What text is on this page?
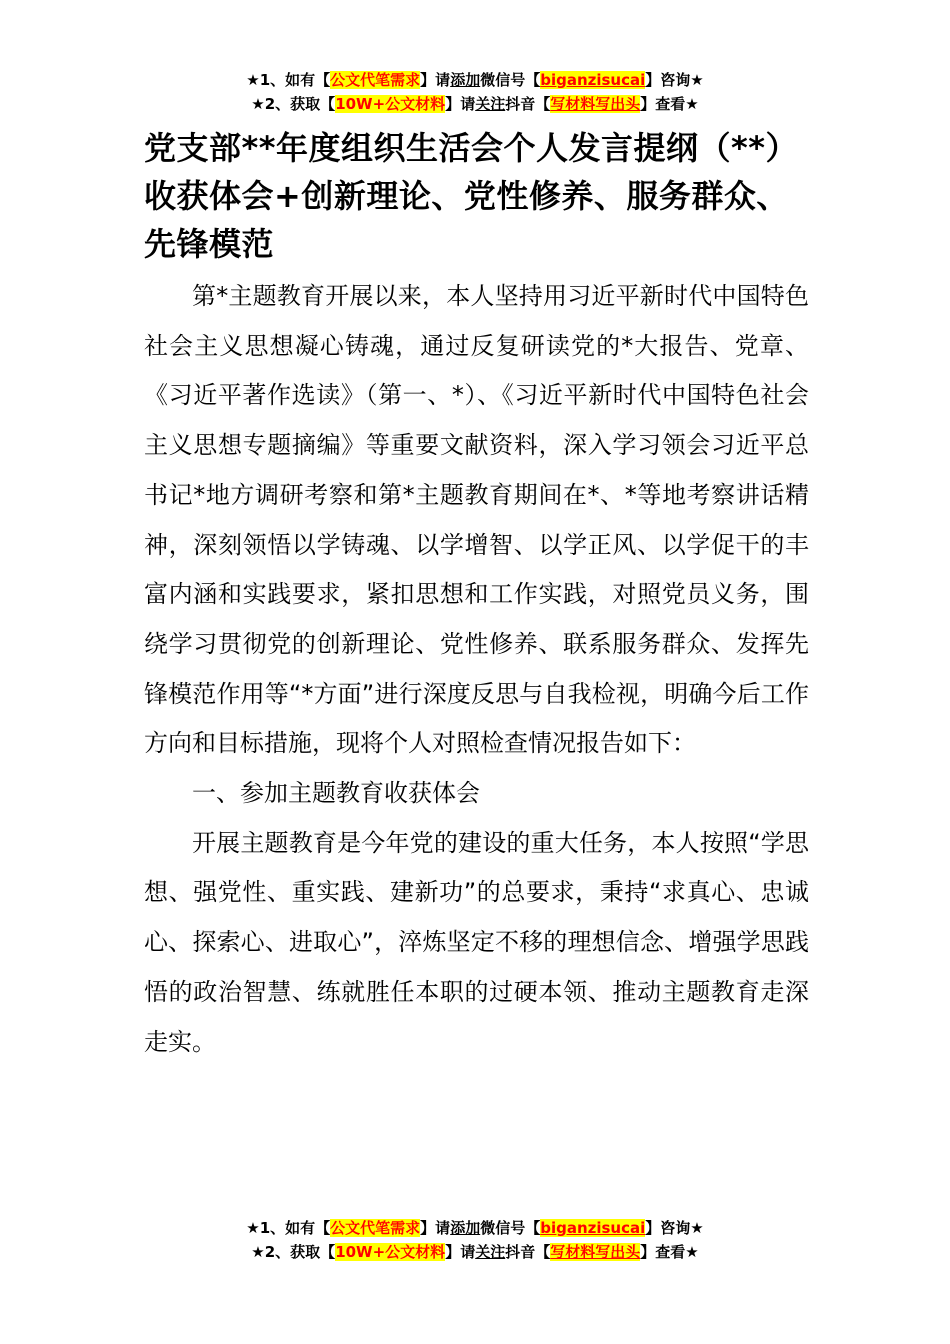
★1、如有【公文代笔需求】请添加微信号【biganzisucai】咨询★
★2、获取【10W+公文材料】请关注抖音【写材料写出头】查看★
党支部**年度组织生活会个人发言提纲（**）收获体会+创新理论、党性修养、服务群众、先锋模范

第*主题教育开展以来，本人坚持用习近平新时代中国特色社会主义思想凝心铸魂，通过反复研读党的*大报告、党章、《习近平著作选读》（第一、*）、《习近平新时代中国特色社会主义思想专题摘编》等重要文献资料，深入学习领会习近平总书记*地方调研考察和第*主题教育期间在*、*等地考察讲话精神，深刻领悟以学铸魂、以学增智、以学正风、以学促干的丰富内涵和实践要求，紧扣思想和工作实践，对照党员义务，围绕学习贯彻党的创新理论、党性修养、联系服务群众、发挥先锋模范作用等“*方面”进行深度反思与自我检视，明确今后工作方向和目标措施，现将个人对照检查情况报告如下：

一、参加主题教育收获体会

开展主题教育是今年党的建设的重大任务，本人按照“学思想、强党性、重实践、建新功”的总要求，秉持“求真心、忠诚心、探索心、进取心”，淬炼坚定不移的理想信念、增强学思践悟的政治智慧、练就胜任本职的过硬本领、推动主题教育走深走实。

★1、如有【公文代笔需求】请添加微信号【biganzisucai】咨询★
★2、获取【10W+公文材料】请关注抖音【写材料写出头】查看★
